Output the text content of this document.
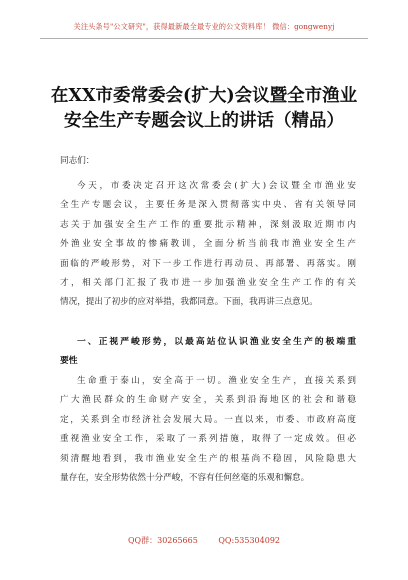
关注头条号"公文研究"，获得最新最全最专业的公文资料库！ 微信：gongwenyj
在XX市委常委会(扩大)会议暨全市渔业
安全生产专题会议上的讲话（精品）
同志们：
今天，市委决定召开这次常委会(扩大)会议暨全市渔业安
全生产专题会议，主要任务是深入贯彻落实中央、省有关领导同
志关于加强安全生产工作的重要批示精神，深刻汲取近期市内
外渔业安全事故的惨痛教训，全面分析当前我市渔业安全生产
面临的严峻形势，对下一步工作进行再动员、再部署、再落实。刚
才，相关部门汇报了我市进一步加强渔业安全生产工作的有关
情况，提出了初步的应对举措，我都同意。下面，我再讲三点意见。
一、正视严峻形势，以最高站位认识渔业安全生产的极端重
要性
生命重于泰山，安全高于一切。渔业安全生产，直接关系到
广大渔民群众的生命财产安全，关系到沿海地区的社会和谐稳
定，关系到全市经济社会发展大局。一直以来，市委、市政府高度
重视渔业安全工作，采取了一系列措施，取得了一定成效。但必
须清醒地看到，我市渔业安全生产的根基尚不稳固，风险隐患大
量存在，安全形势依然十分严峻，不容有任何丝毫的乐观和懈怠。
QQ群：30265665	QQ:535304092
